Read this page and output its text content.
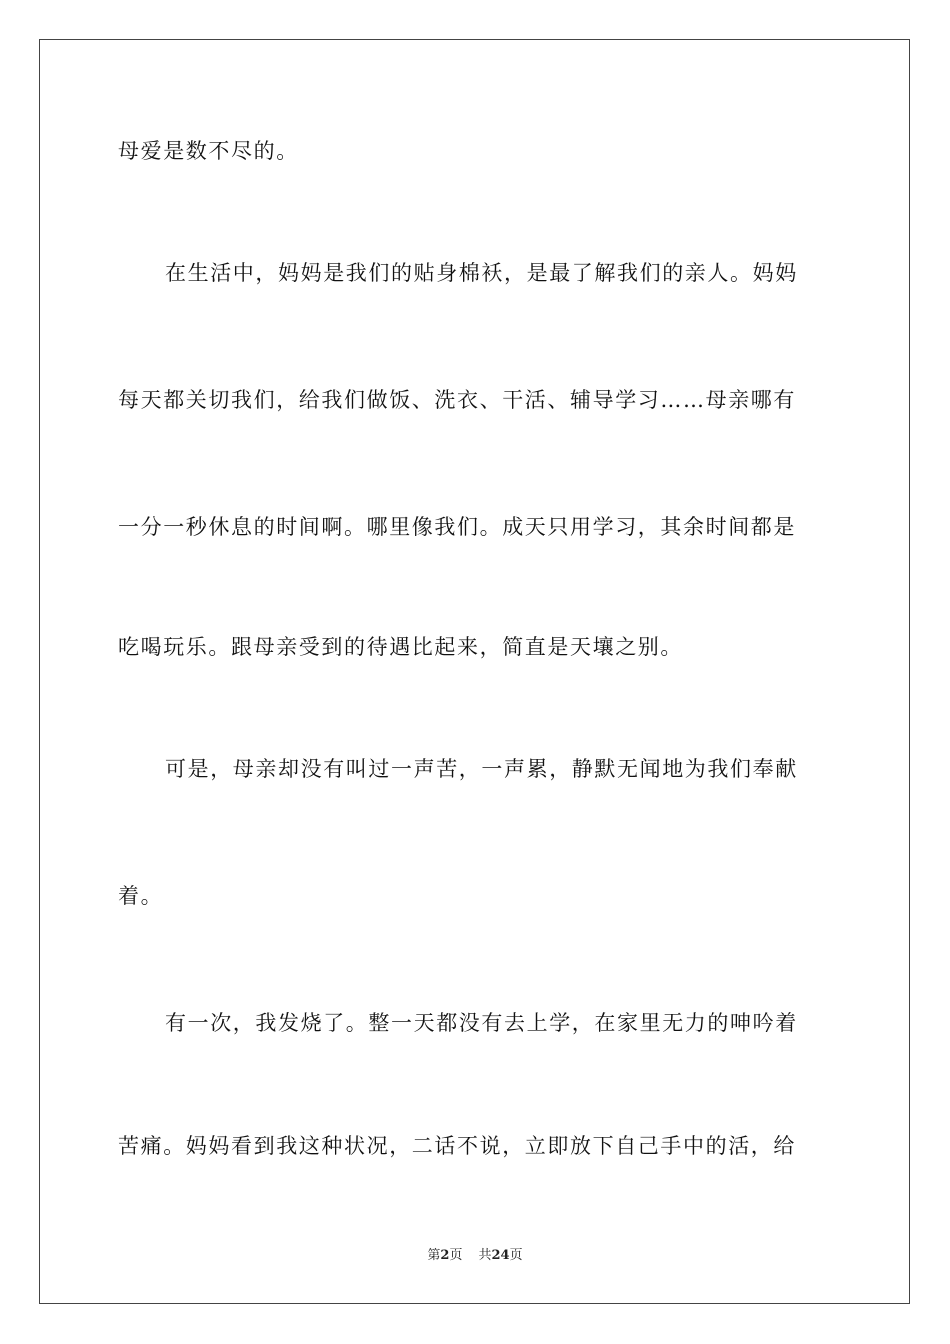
母爱是数不尽的。
在生活中，妈妈是我们的贴身棉袄，是最了解我们的亲人。妈妈
每天都关切我们，给我们做饭、洗衣、干活、辅导学习……母亲哪有
一分一秒休息的时间啊。哪里像我们。成天只用学习，其余时间都是
吃喝玩乐。跟母亲受到的待遇比起来，简直是天壤之别。
可是，母亲却没有叫过一声苦，一声累，静默无闻地为我们奉献
着。
有一次，我发烧了。整一天都没有去上学，在家里无力的呻吟着
苦痛。妈妈看到我这种状况，二话不说，立即放下自己手中的活，给
第2页 共24页
